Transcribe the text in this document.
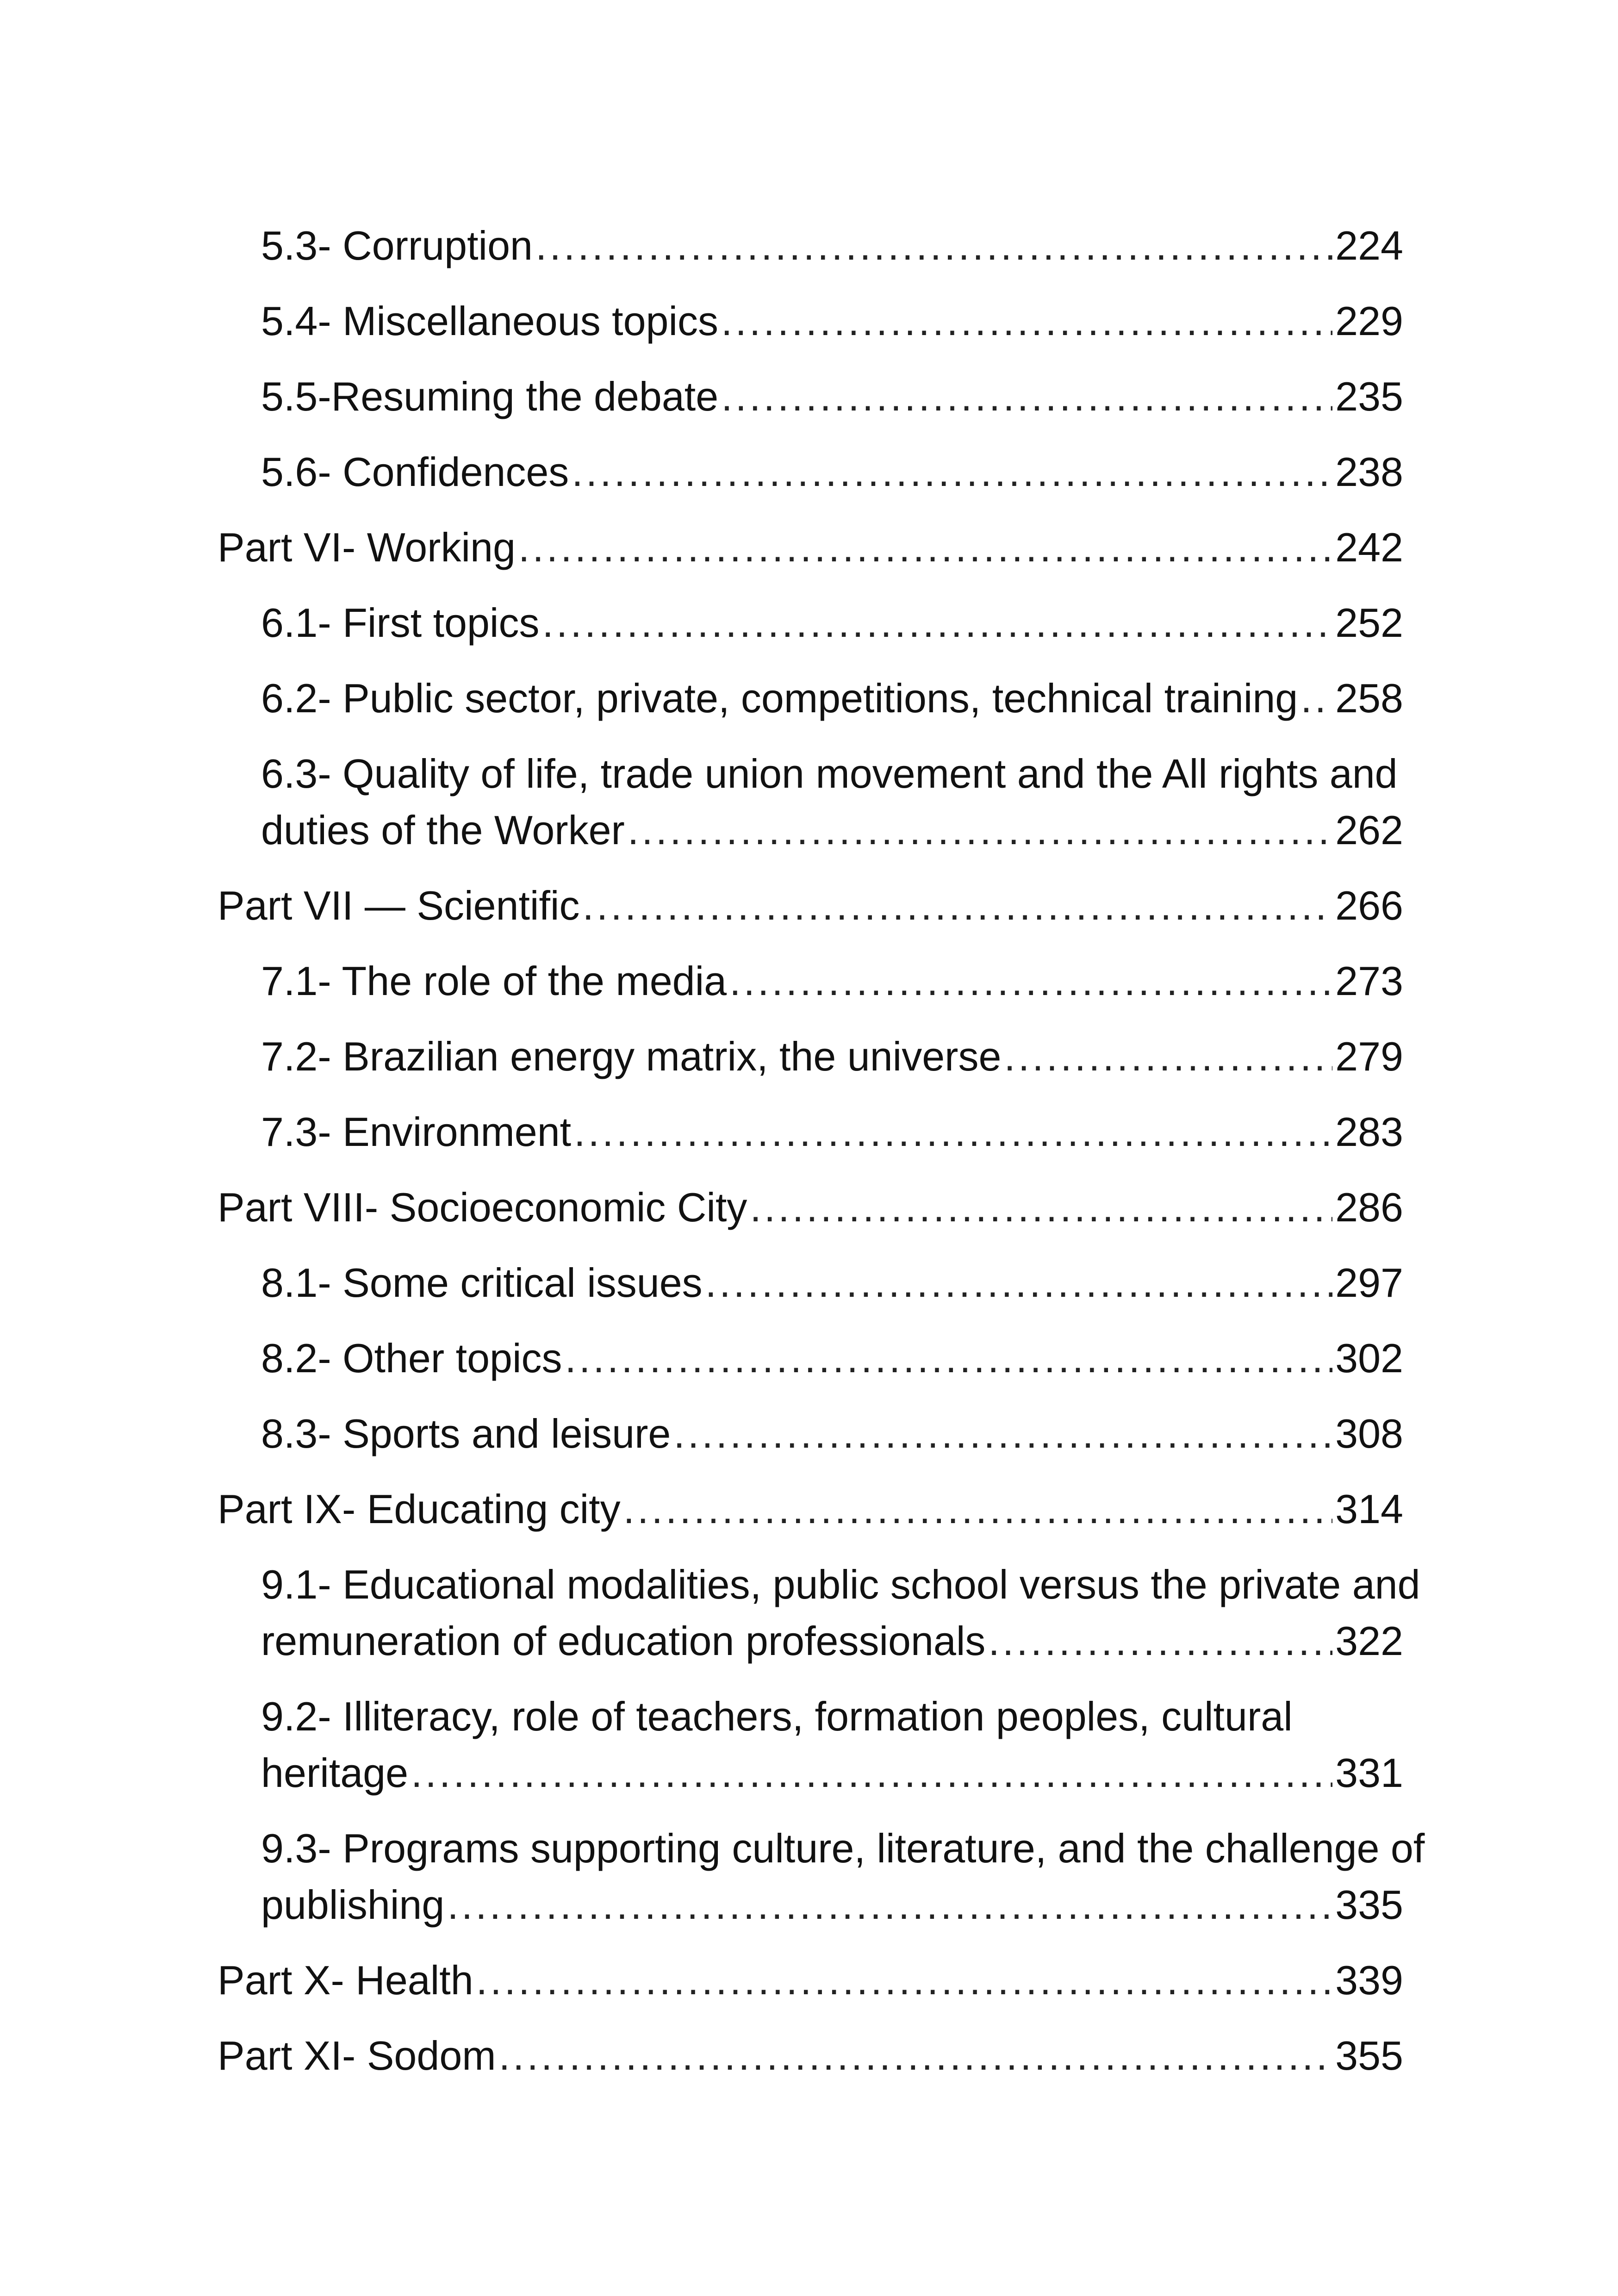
5.3- Corruption .....	224
5.4- Miscellaneous topics .....	229
5.5-Resuming the debate .....	235
5.6- Confidences .....	238
Part VI- Working .....	242
6.1- First topics .....	252
6.2- Public sector, private, competitions, technical training ..... 258
6.3- Quality of life, trade union movement and the All rights and
duties of the Worker .....	262
Part VII — Scientific .....	266
7.1- The role of the media .....	273
7.2- Brazilian energy matrix, the universe .....	279
7.3- Environment .....	283
Part VIII- Socioeconomic City .....	286
8.1- Some critical issues .....	297
8.2- Other topics .....	302
8.3- Sports and leisure .....	308
Part IX- Educating city .....	314
9.1- Educational modalities, public school versus the private and
remuneration of education professionals .....	322
9.2- Illiteracy, role of teachers, formation peoples, cultural
heritage .....	331
9.3- Programs supporting culture, literature, and the challenge of
publishing .....	335
Part X- Health .....	339
Part XI- Sodom .....	355
